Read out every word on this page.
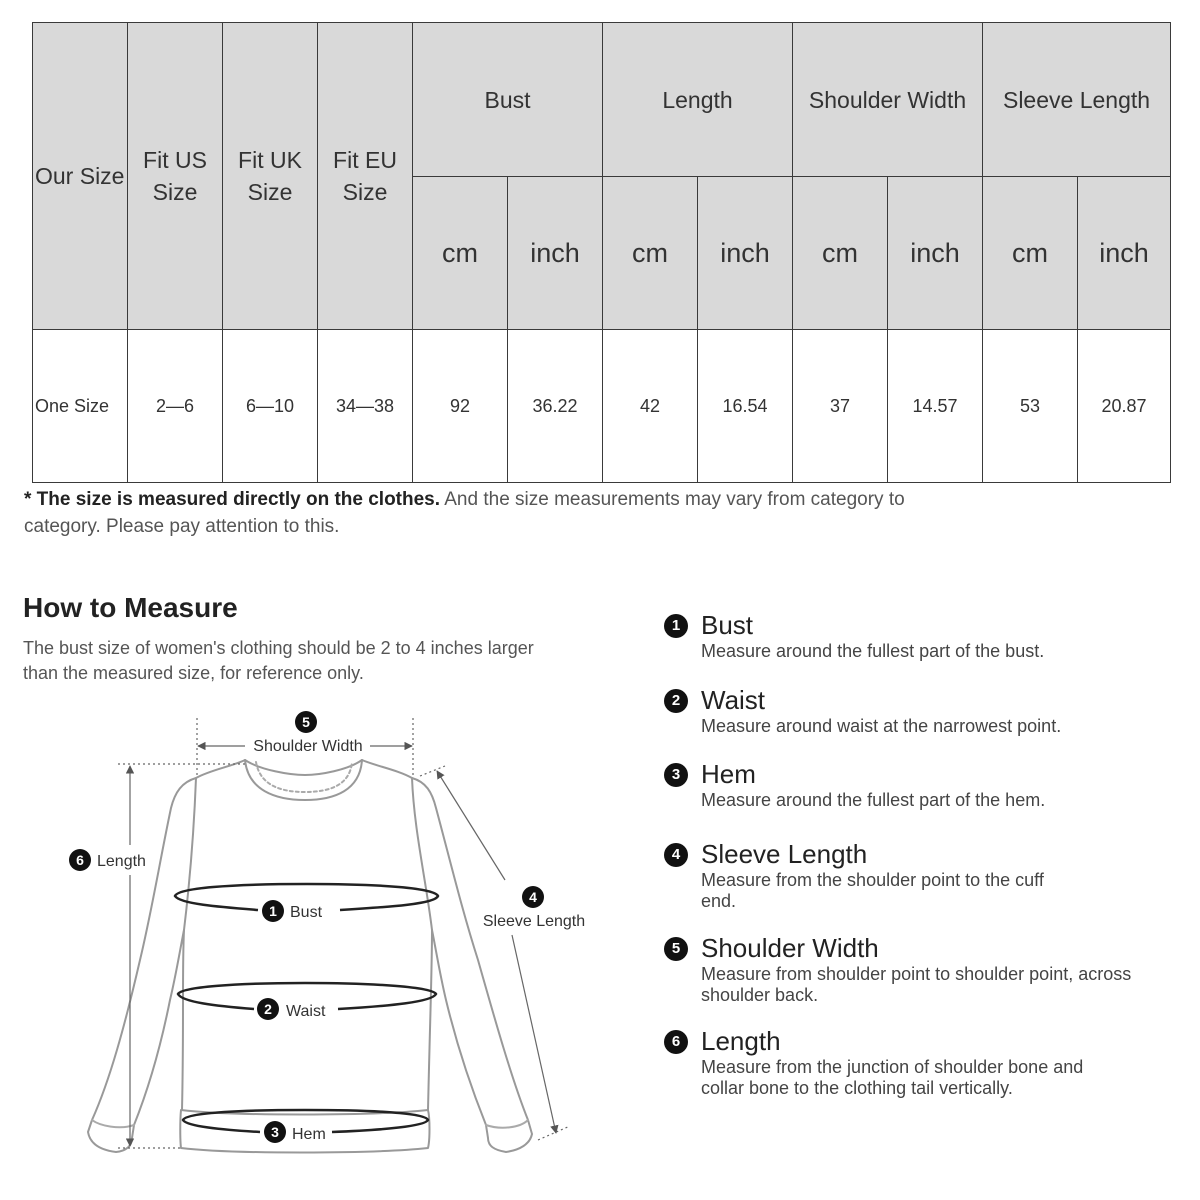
Our Size	Fit US Size	Fit UK Size	Fit EU Size	Bust		Length		Shoulder Width		Sleeve Length	
				cm	inch	cm	inch	cm	inch	cm	inch
One Size	2—6	6—10	34—38	92	36.22	42	16.54	37	14.57	53	20.87
* The size is measured directly on the clothes. And the size measurements may vary from category to category. Please pay attention to this.
How to Measure
The bust size of women's clothing should be 2 to 4 inches larger than the measured size, for reference only.
5
Shoulder Width
6 Length
4
Sleeve Length
1 Bust
2 Waist
3 Hem
1 Bust
Measure around the fullest part of the bust.
2 Waist
Measure around waist at the narrowest point.
3 Hem
Measure around the fullest part of the hem.
4 Sleeve Length
Measure from the shoulder point to the cuff end.
5 Shoulder Width
Measure from shoulder point to shoulder point, across shoulder back.
6 Length
Measure from the junction of shoulder bone and collar bone to the clothing tail vertically.
